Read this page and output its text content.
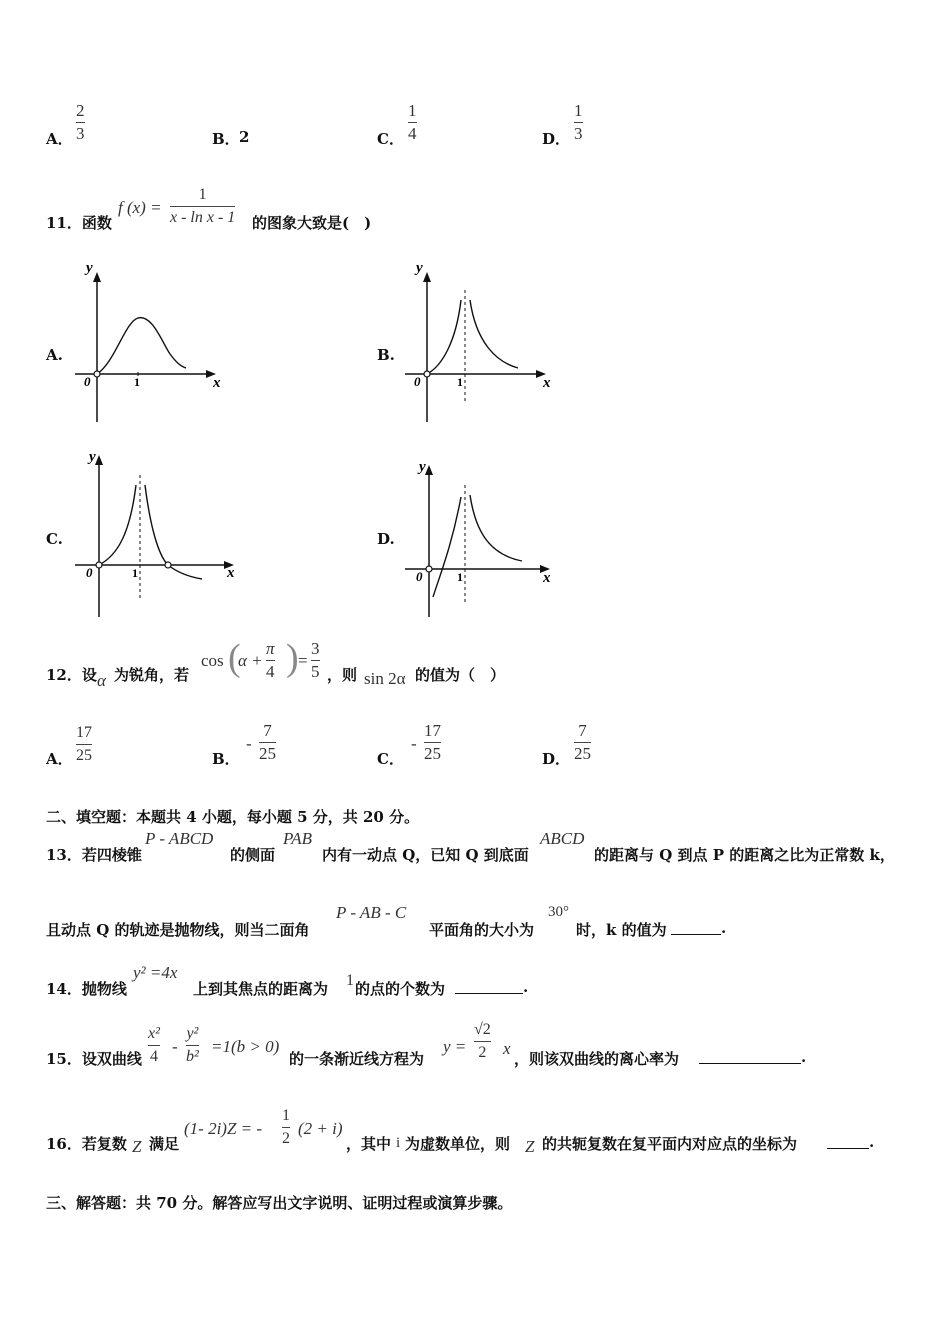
A．
2
3	B． 2	C．
1
4	D．
1
3
11．函数
f (x) =
1
x - ln x - 1 的图象大致是(　)
A.
y
x
0	1
B.
y
x
0	1
C.
y
x
0	1
D.
y
x
0	1
12．设 α 为锐角，若
cos (
α +
π
4 ) =
3
5 ，则 sin 2α 的值为（　）
A．
17
25	B．
-
7
25	C．
-
17
25	D．
7
25
二、填空题：本题共 4 小题，每小题 5 分，共 20 分。
13．若四棱锥
P - ABCD
的侧面
PAB
内有一动点 Q，已知 Q 到底面
ABCD
的距离与 Q 到点 P 的距离之比为正常数 k，
且动点 Q 的轨迹是抛物线，则当二面角
P - AB - C
平面角的大小为
30°
时，k 的值为	.
14．抛物线
y² =4x
上到其焦点的距离为 1 的点的个数为	.
15．设双曲线
x²
4
-
y²
b²
=1(b > 0)
的一条渐近线方程为
y =
√2
2 x
，则该双曲线的离心率为	.
16．若复数 Z 满足
(1- 2i)Z = -
1
2
(2 + i)
，其中 i 为虚数单位，则 Z 的共轭复数在复平面内对应点的坐标为	.
三、解答题：共 70 分。解答应写出文字说明、证明过程或演算步骤。
